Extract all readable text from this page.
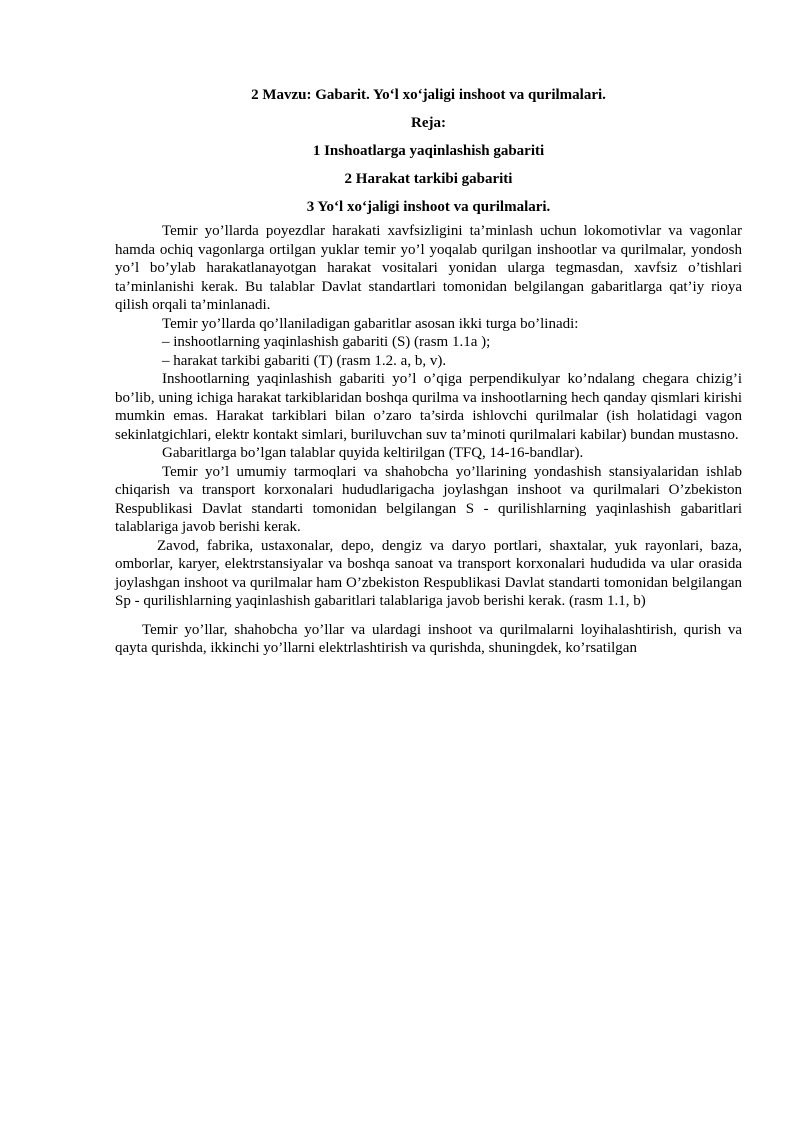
2 Mavzu: Gabarit. Yo‘l xo‘jaligi inshoot va qurilmalari.

Reja:

1 Inshoatlarga yaqinlashish gabariti

2 Harakat tarkibi gabariti

3 Yo‘l xo‘jaligi inshoot va qurilmalari.

Temir yo’llarda poyezdlar harakati xavfsizligini ta’minlash uchun lokomotivlar va vagonlar hamda ochiq vagonlarga ortilgan yuklar temir yo’l yoqalab qurilgan inshootlar va qurilmalar, yondosh yo’l bo’ylab harakatlanayotgan harakat vositalari yonidan ularga tegmasdan, xavfsiz o’tishlari ta’minlanishi kerak. Bu talablar Davlat standartlari tomonidan belgilangan gabaritlarga qat’iy rioya qilish orqali ta’minlanadi.

Temir yo’llarda qo’llaniladigan gabaritlar asosan ikki turga bo’linadi:

– inshootlarning yaqinlashish gabariti (S) (rasm 1.1a );

– harakat tarkibi gabariti (T) (rasm 1.2. a, b, v).

Inshootlarning yaqinlashish gabariti yo’l o’qiga perpendikulyar ko’ndalang chegara chizig’i bo’lib, uning ichiga harakat tarkiblaridan boshqa qurilma va inshootlarning hech qanday qismlari kirishi mumkin emas. Harakat tarkiblari bilan o’zaro ta’sirda ishlovchi qurilmalar (ish holatidagi vagon sekinlatgichlari, elektr kontakt simlari, buriluvchan suv ta’minoti qurilmalari kabilar) bundan mustasno.

Gabaritlarga bo’lgan talablar quyida keltirilgan (TFQ, 14-16-bandlar).

Temir yo’l umumiy tarmoqlari va shahobcha yo’llarining yondashish stansiyalaridan ishlab chiqarish va transport korxonalari hududlarigacha joylashgan inshoot va qurilmalari O’zbekiston Respublikasi Davlat standarti tomonidan belgilangan S - qurilishlarning yaqinlashish gabaritlari talablariga javob berishi kerak.

Zavod, fabrika, ustaxonalar, depo, dengiz va daryo portlari, shaxtalar, yuk rayonlari, baza, omborlar, karyer, elektrstansiyalar va boshqa sanoat va transport korxonalari hududida va ular orasida joylashgan inshoot va qurilmalar ham O’zbekiston Respublikasi Davlat standarti tomonidan belgilangan Sp - qurilishlarning yaqinlashish gabaritlari talablariga javob berishi kerak. (rasm 1.1, b)

Temir yo’llar, shahobcha yo’llar va ulardagi inshoot va qurilmalarni loyihalashtirish, qurish va qayta qurishda, ikkinchi yo’llarni elektrlashtirish va qurishda, shuningdek, ko’rsatilgan
